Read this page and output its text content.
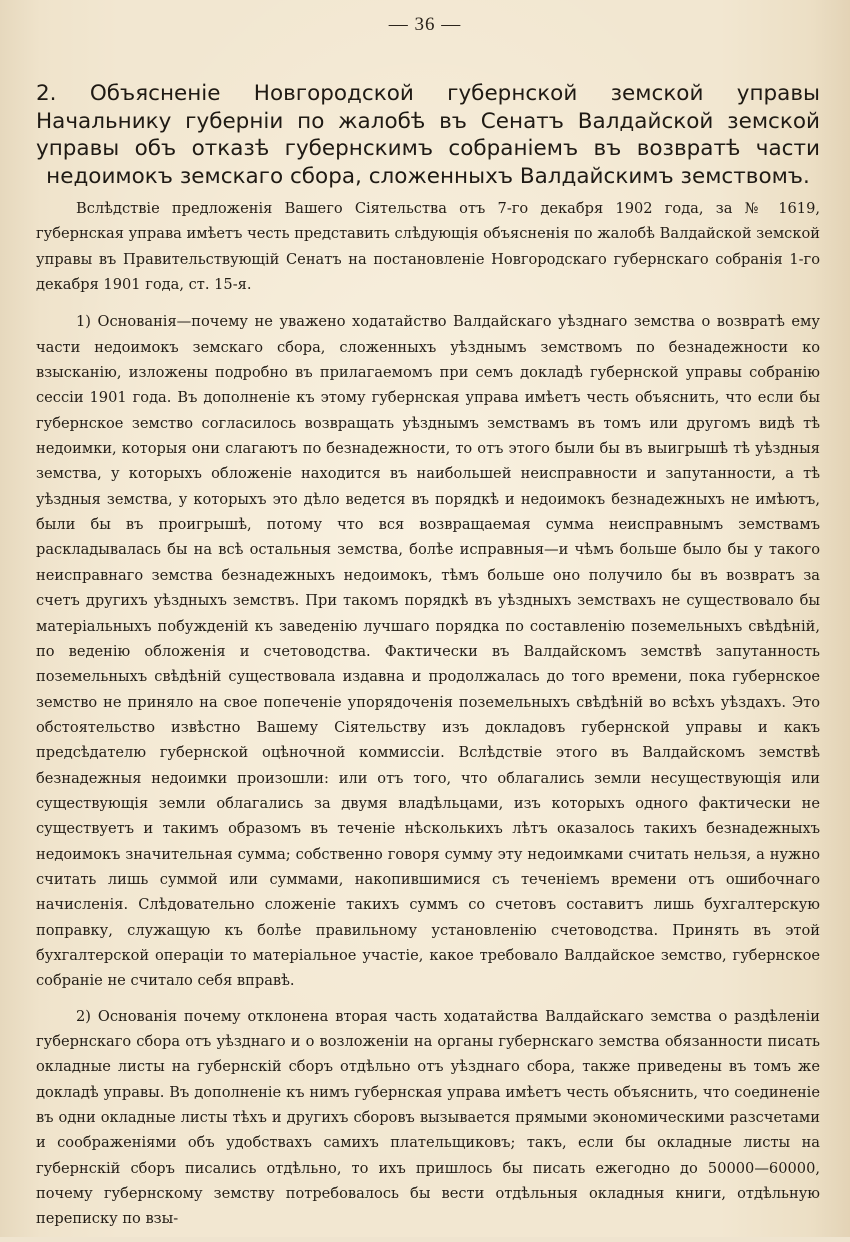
— 36 —
2. Объясненіе Новгородской губернской земской управы Начальнику губерніи по жалобѣ въ Сенатъ Валдайской земской управы объ отказѣ губернскимъ собраніемъ въ возвратѣ части недоимокъ земскаго сбора, сложенныхъ Валдайскимъ земствомъ.

Вслѣдствіе предложенія Вашего Сіятельства отъ 7-го декабря 1902 года, за № 1619, губернская управа имѣетъ честь представить слѣдующія объясненія по жалобѣ Валдайской земской управы въ Правительствующій Сенатъ на постановленіе Новгородскаго губернскаго собранія 1-го декабря 1901 года, ст. 15-я.

1) Основанія—почему не уважено ходатайство Валдайскаго уѣзднаго земства о возвратѣ ему части недоимокъ земскаго сбора, сложенныхъ уѣзднымъ земствомъ по безнадежности ко взысканію, изложены подробно въ прилагаемомъ при семъ докладѣ губернской управы собранію сессіи 1901 года. Въ дополненіе къ этому губернская управа имѣетъ честь объяснить, что если бы губернское земство согласилось возвращать уѣзднымъ земствамъ въ томъ или другомъ видѣ тѣ недоимки, которыя они слагаютъ по безнадежности, то отъ этого были бы въ выигрышѣ тѣ уѣздныя земства, у которыхъ обложеніе находится въ наибольшей неисправности и запутанности, а тѣ уѣздныя земства, у которыхъ это дѣло ведется въ порядкѣ и недоимокъ безнадежныхъ не имѣютъ, были бы въ проигрышѣ, потому что вся возвращаемая сумма неисправнымъ земствамъ раскладывалась бы на всѣ остальныя земства, болѣе исправныя—и чѣмъ больше было бы у такого неисправнаго земства безнадежныхъ недоимокъ, тѣмъ больше оно получило бы въ возвратъ за счетъ другихъ уѣздныхъ земствъ. При такомъ порядкѣ въ уѣздныхъ земствахъ не существовало бы матеріальныхъ побужденій къ заведенію лучшаго порядка по составленію поземельныхъ свѣдѣній, по веденію обложенія и счетоводства. Фактически въ Валдайскомъ земствѣ запутанность поземельныхъ свѣдѣній существовала издавна и продолжалась до того времени, пока губернское земство не приняло на свое попеченіе упорядоченія поземельныхъ свѣдѣній во всѣхъ уѣздахъ. Это обстоятельство извѣстно Вашему Сіятельству изъ докладовъ губернской управы и какъ предсѣдателю губернской оцѣночной коммиссіи. Вслѣдствіе этого въ Валдайскомъ земствѣ безнадежныя недоимки произошли: или отъ того, что облагались земли несуществующія или существующія земли облагались за двумя владѣльцами, изъ которыхъ одного фактически не существуетъ и такимъ образомъ въ теченіе нѣсколькихъ лѣтъ оказалось такихъ безнадежныхъ недоимокъ значительная сумма; собственно говоря сумму эту недоимками считать нельзя, а нужно считать лишь суммой или суммами, накопившимися съ теченіемъ времени отъ ошибочнаго начисленія. Слѣдовательно сложеніе такихъ суммъ со счетовъ составитъ лишь бухгалтерскую поправку, служащую къ болѣе правильному установленію счетоводства. Принять въ этой бухгалтерской операціи то матеріальное участіе, какое требовало Валдайское земство, губернское собраніе не считало себя вправѣ.

2) Основанія почему отклонена вторая часть ходатайства Валдайскаго земства о раздѣленіи губернскаго сбора отъ уѣзднаго и о возложеніи на органы губернскаго земства обязанности писать окладные листы на губернскій сборъ отдѣльно отъ уѣзднаго сбора, также приведены въ томъ же докладѣ управы. Въ дополненіе къ нимъ губернская управа имѣетъ честь объяснить, что соединеніе въ одни окладные листы тѣхъ и другихъ сборовъ вызывается прямыми экономическими разсчетами и соображеніями объ удобствахъ самихъ плательщиковъ; такъ, если бы окладные листы на губернскій сборъ писались отдѣльно, то ихъ пришлось бы писать ежегодно до 50000—60000, почему губернскому земству потребовалось бы вести отдѣльныя окладныя книги, отдѣльную переписку по взы-
